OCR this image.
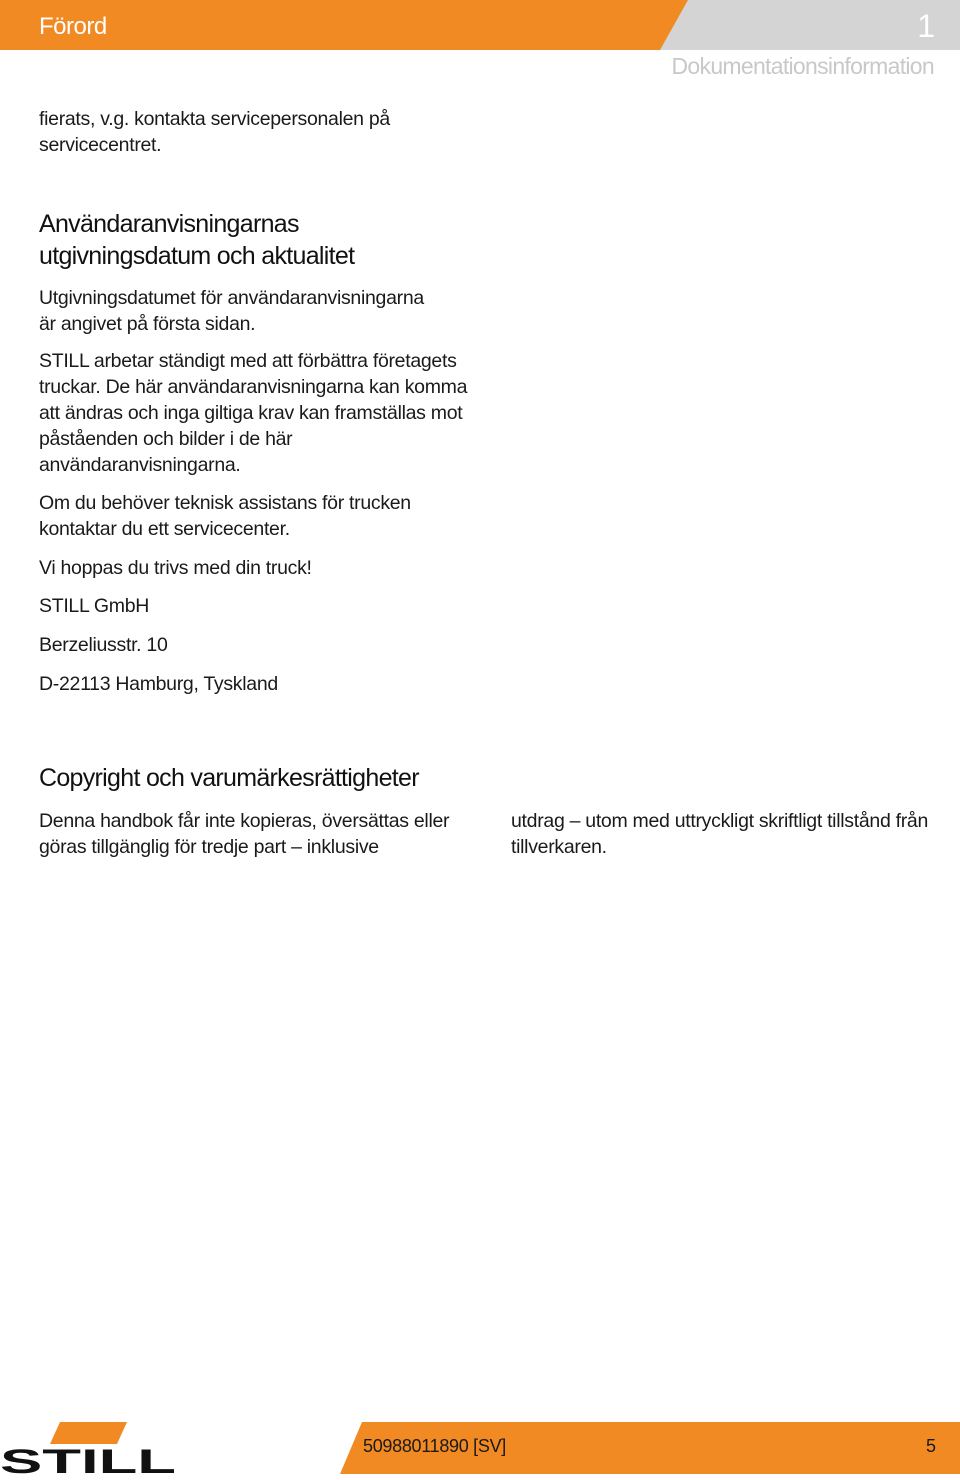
Förord	1
Dokumentationsinformation

fierats, v.g. kontakta servicepersonalen på servicecentret.

Användaranvisningarnas utgivningsdatum och aktualitet

Utgivningsdatumet för användaranvisningarna är angivet på första sidan.

STILL arbetar ständigt med att förbättra företagets truckar. De här användaranvisningarna kan komma att ändras och inga giltiga krav kan framställas mot påståenden och bilder i de här användaranvisningarna.

Om du behöver teknisk assistans för trucken kontaktar du ett servicecenter.

Vi hoppas du trivs med din truck!

STILL GmbH

Berzeliusstr. 10

D-22113 Hamburg, Tyskland

Copyright och varumärkesrättigheter

Denna handbok får inte kopieras, översättas eller göras tillgänglig för tredje part – inklusive

utdrag – utom med uttryckligt skriftligt tillstånd från tillverkaren.

STILL	50988011890 [SV]	5
